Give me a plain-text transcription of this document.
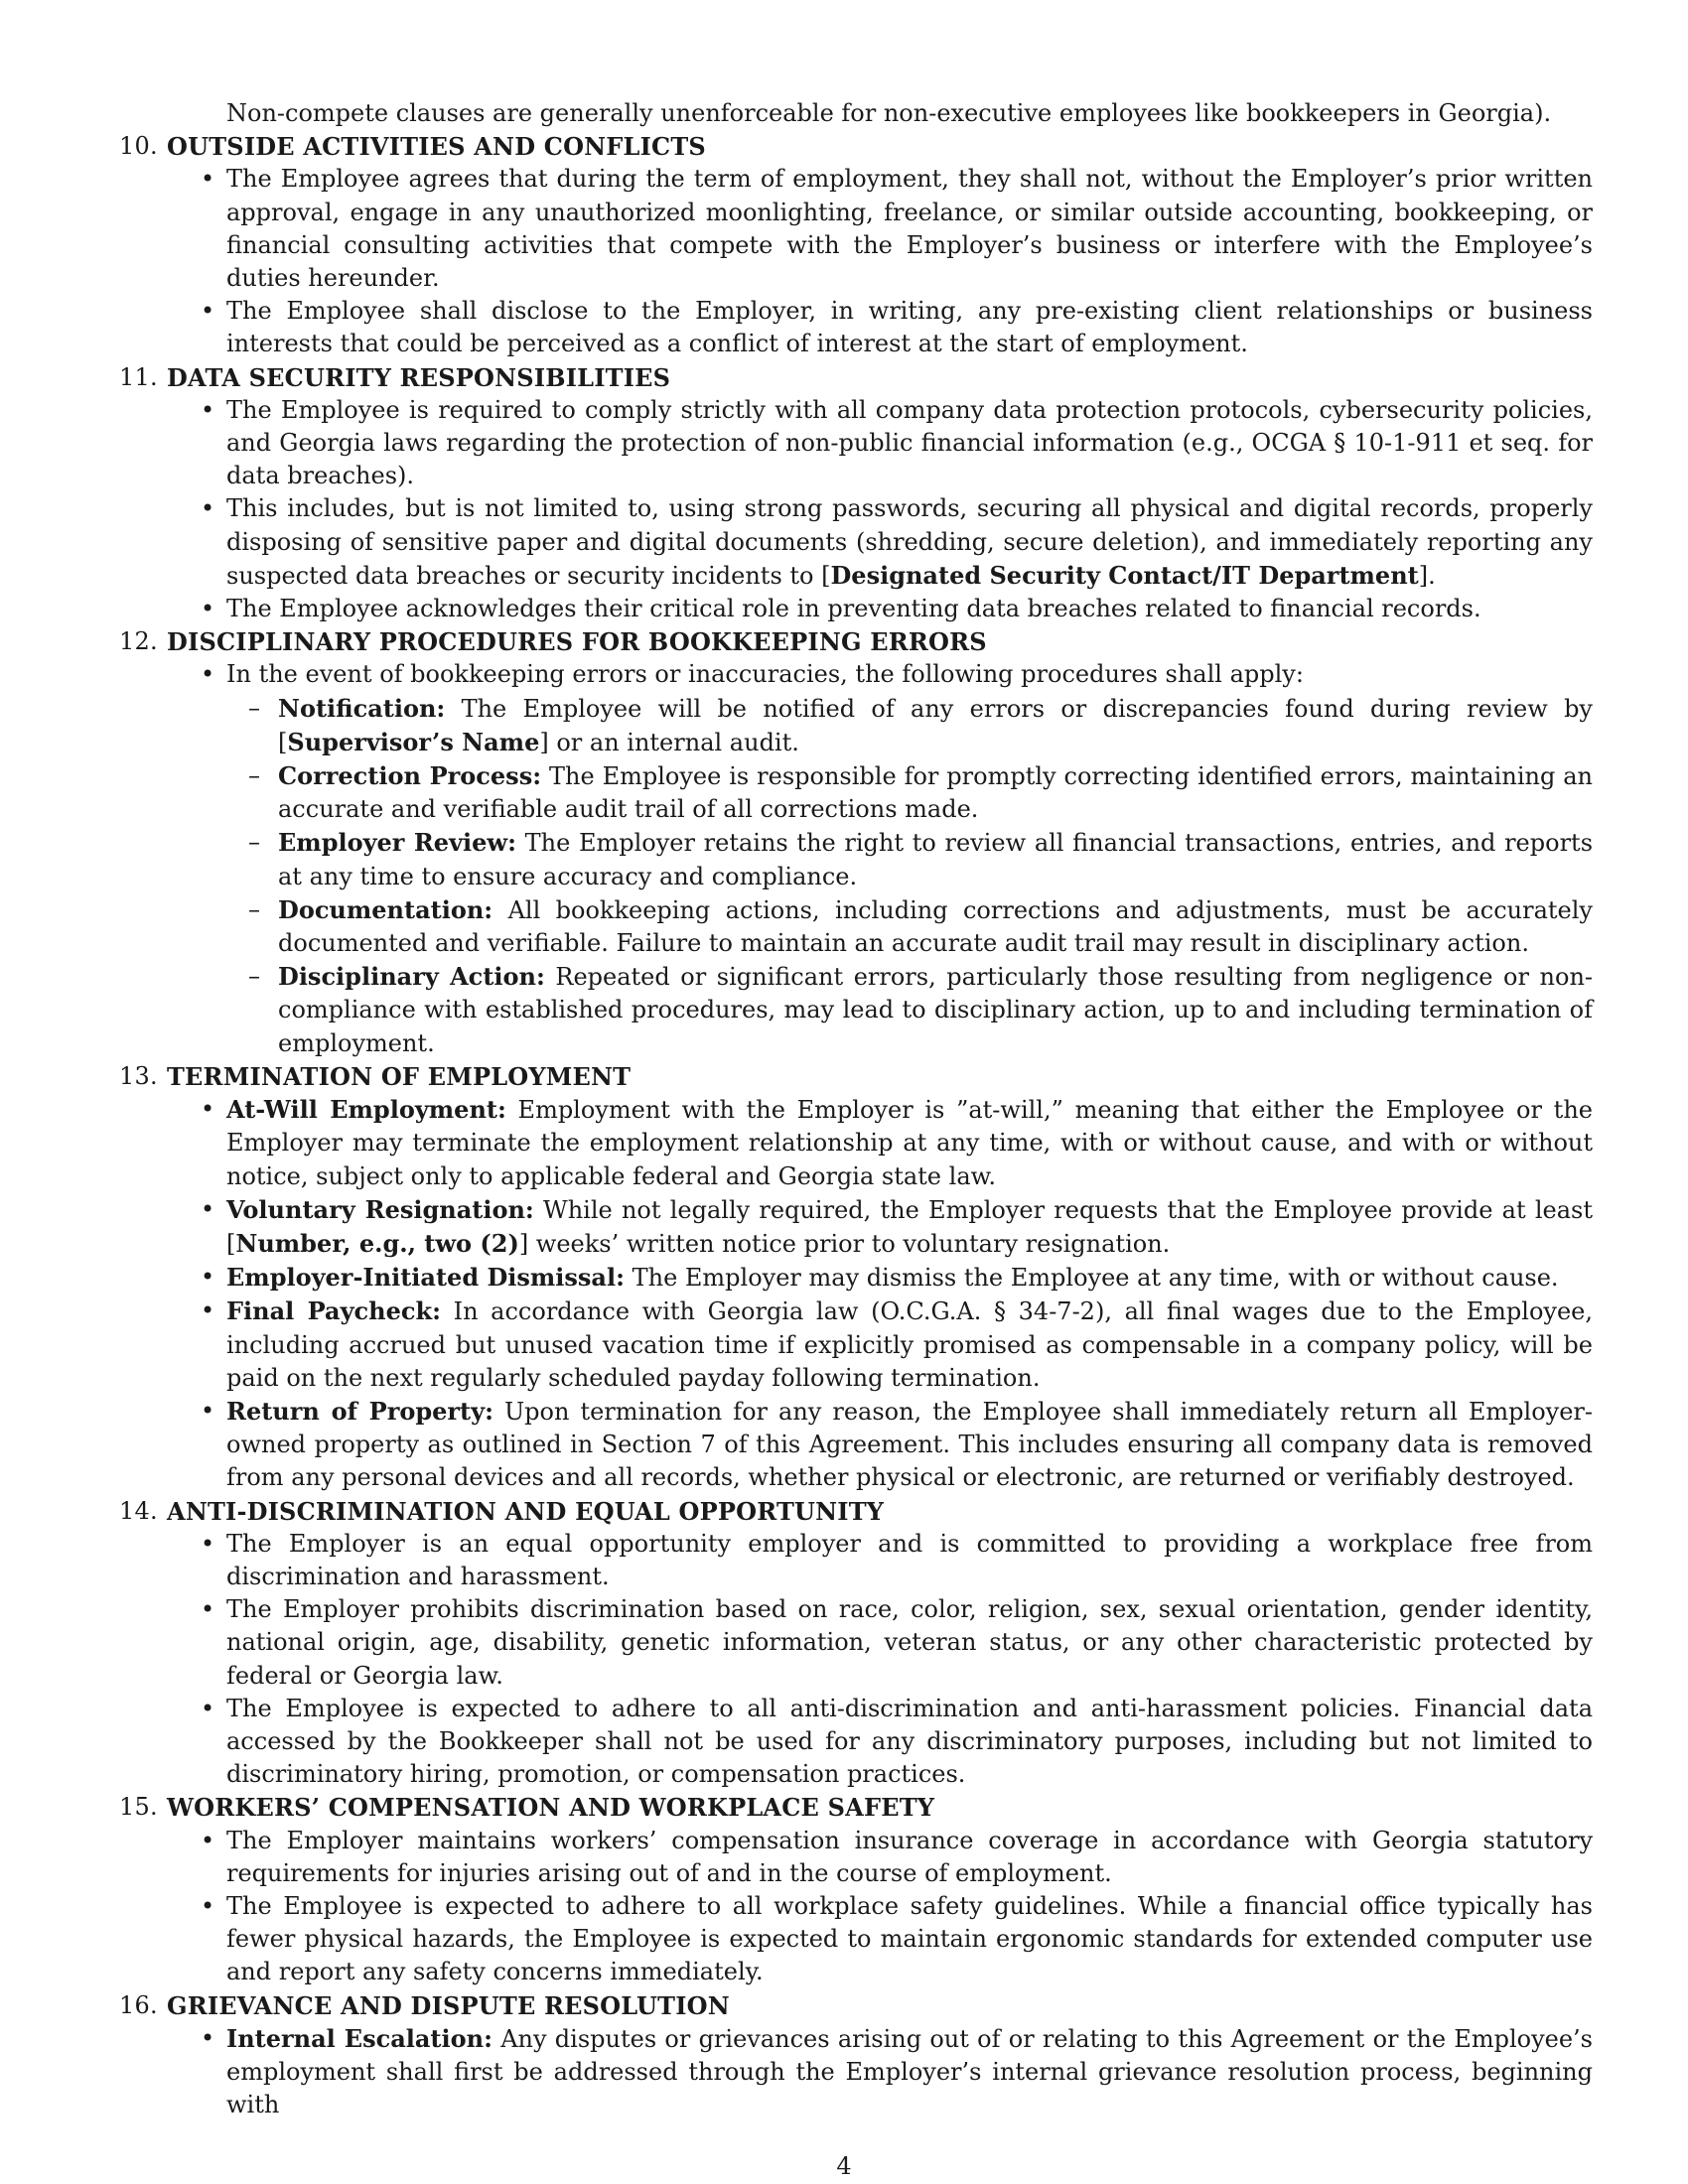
Non-compete clauses are generally unenforceable for non-executive employees like bookkeepers in Georgia).
10. OUTSIDE ACTIVITIES AND CONFLICTS
• The Employee agrees that during the term of employment, they shall not, without the Employer’s prior written approval, engage in any unauthorized moonlighting, freelance, or similar outside accounting, bookkeeping, or financial consulting activities that compete with the Employer’s business or interfere with the Employee’s duties hereunder.
• The Employee shall disclose to the Employer, in writing, any pre-existing client relationships or business interests that could be perceived as a conflict of interest at the start of employment.
11. DATA SECURITY RESPONSIBILITIES
• The Employee is required to comply strictly with all company data protection protocols, cybersecurity policies, and Georgia laws regarding the protection of non-public financial information (e.g., OCGA § 10-1-911 et seq. for data breaches).
• This includes, but is not limited to, using strong passwords, securing all physical and digital records, properly disposing of sensitive paper and digital documents (shredding, secure deletion), and immediately reporting any suspected data breaches or security incidents to [Designated Security Contact/IT Department].
• The Employee acknowledges their critical role in preventing data breaches related to financial records.
12. DISCIPLINARY PROCEDURES FOR BOOKKEEPING ERRORS
• In the event of bookkeeping errors or inaccuracies, the following procedures shall apply:
– Notification: The Employee will be notified of any errors or discrepancies found during review by [Supervisor’s Name] or an internal audit.
– Correction Process: The Employee is responsible for promptly correcting identified errors, maintaining an accurate and verifiable audit trail of all corrections made.
– Employer Review: The Employer retains the right to review all financial transactions, entries, and reports at any time to ensure accuracy and compliance.
– Documentation: All bookkeeping actions, including corrections and adjustments, must be accurately documented and verifiable. Failure to maintain an accurate audit trail may result in disciplinary action.
– Disciplinary Action: Repeated or significant errors, particularly those resulting from negligence or non-compliance with established procedures, may lead to disciplinary action, up to and including termination of employment.
13. TERMINATION OF EMPLOYMENT
• At-Will Employment: Employment with the Employer is ”at-will,” meaning that either the Employee or the Employer may terminate the employment relationship at any time, with or without cause, and with or without notice, subject only to applicable federal and Georgia state law.
• Voluntary Resignation: While not legally required, the Employer requests that the Employee provide at least [Number, e.g., two (2)] weeks’ written notice prior to voluntary resignation.
• Employer-Initiated Dismissal: The Employer may dismiss the Employee at any time, with or without cause.
• Final Paycheck: In accordance with Georgia law (O.C.G.A. § 34-7-2), all final wages due to the Employee, including accrued but unused vacation time if explicitly promised as compensable in a company policy, will be paid on the next regularly scheduled payday following termination.
• Return of Property: Upon termination for any reason, the Employee shall immediately return all Employer-owned property as outlined in Section 7 of this Agreement. This includes ensuring all company data is removed from any personal devices and all records, whether physical or electronic, are returned or verifiably destroyed.
14. ANTI-DISCRIMINATION AND EQUAL OPPORTUNITY
• The Employer is an equal opportunity employer and is committed to providing a workplace free from discrimination and harassment.
• The Employer prohibits discrimination based on race, color, religion, sex, sexual orientation, gender identity, national origin, age, disability, genetic information, veteran status, or any other characteristic protected by federal or Georgia law.
• The Employee is expected to adhere to all anti-discrimination and anti-harassment policies. Financial data accessed by the Bookkeeper shall not be used for any discriminatory purposes, including but not limited to discriminatory hiring, promotion, or compensation practices.
15. WORKERS’ COMPENSATION AND WORKPLACE SAFETY
• The Employer maintains workers’ compensation insurance coverage in accordance with Georgia statutory requirements for injuries arising out of and in the course of employment.
• The Employee is expected to adhere to all workplace safety guidelines. While a financial office typically has fewer physical hazards, the Employee is expected to maintain ergonomic standards for extended computer use and report any safety concerns immediately.
16. GRIEVANCE AND DISPUTE RESOLUTION
• Internal Escalation: Any disputes or grievances arising out of or relating to this Agreement or the Employee’s employment shall first be addressed through the Employer’s internal grievance resolution process, beginning with
4
